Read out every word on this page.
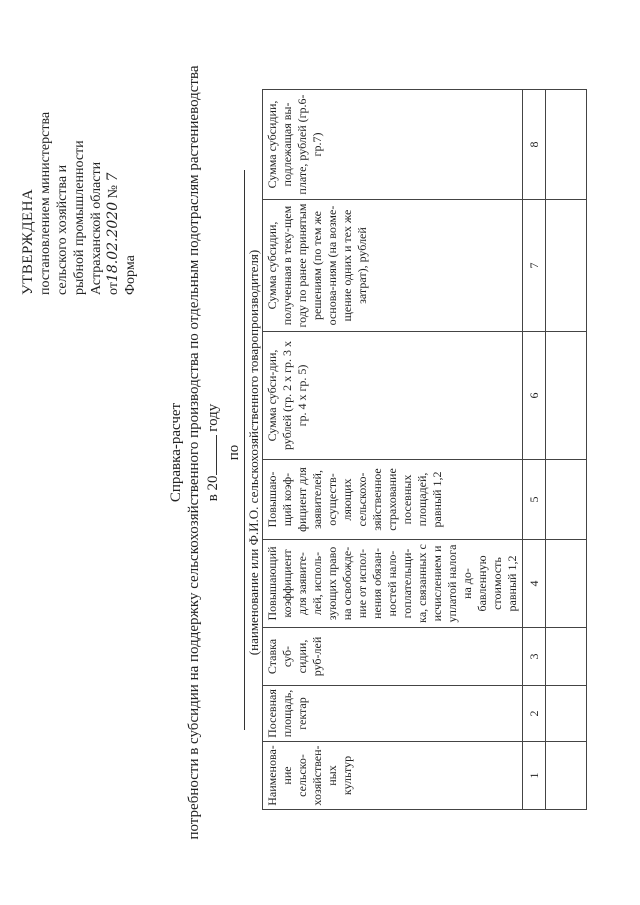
УТВЕРЖДЕНА постановлением министерства сельского хозяйства и рыбной промышленности Астраханской области от18.02.2020 № 7
Форма
Справка-расчет потребности в субсидии на поддержку сельскохозяйственного производства по отдельным подотраслям растениеводства в 20 году
по (наименование или Ф.И.О. сельскохозяйственного товаропроизводителя)
Наименова-ние сельско-хозяйствен-ных культур	Посевная площадь, гектар	Ставка суб-сидии, руб-лей	Повышающий коэффициент для заявите-лей, исполь-зующих право на освобожде-ние от испол-нения обязан-ностей нало-гоплательщи-ка, связанных с исчислением и уплатой налога на до-бавленную стоимость равный 1,2	Повышаю-щий коэф-фициент для заявителей, осуществ-ляющих сельскохо-зяйственное страхование посевных площадей, равный 1,2	Сумма субси-дии, рублей (гр. 2 х гр. 3 х гр. 4 х гр. 5)	Сумма субсидии, полученная в теку-щем году по ранее принятым решениям (по тем же основа-ниям (на возме-щение одних и тех же затрат), рублей	Сумма субсидии, подлежащая вы-плате, рублей (гр.6-гр.7)
1	2	3	4	5	6	7	8
